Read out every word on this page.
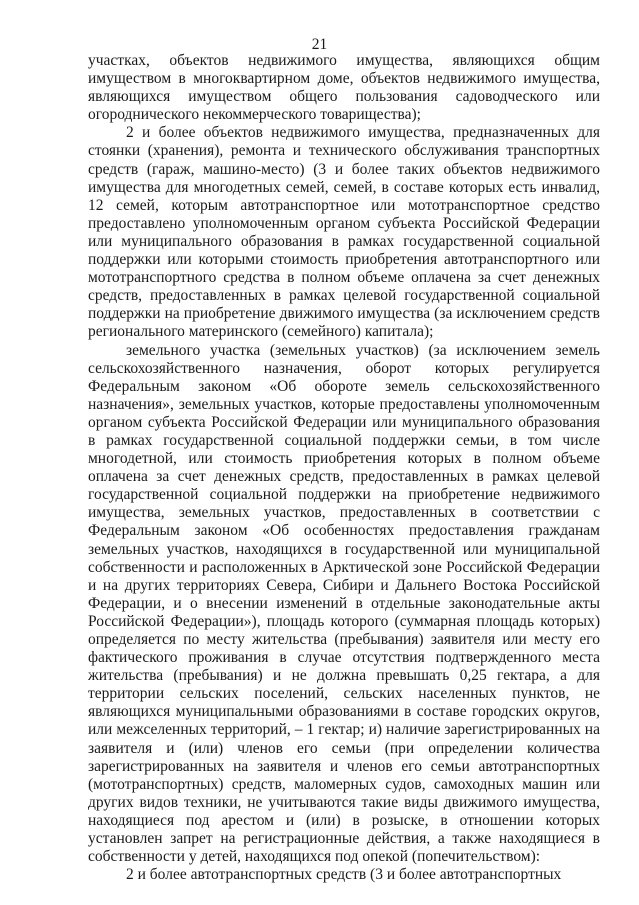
21

участках, объектов недвижимого имущества, являющихся общим имуществом в многоквартирном доме, объектов недвижимого имущества, являющихся имуществом общего пользования садоводческого или огороднического некоммерческого товарищества);

2 и более объектов недвижимого имущества, предназначенных для стоянки (хранения), ремонта и технического обслуживания транспортных средств (гараж, машино-место) (3 и более таких объектов недвижимого имущества для многодетных семей, семей, в составе которых есть инвалид, 12 семей, которым автотранспортное или мототранспортное средство предоставлено уполномоченным органом субъекта Российской Федерации или муниципального образования в рамках государственной социальной поддержки или которыми стоимость приобретения автотранспортного или мототранспортного средства в полном объеме оплачена за счет денежных средств, предоставленных в рамках целевой государственной социальной поддержки на приобретение движимого имущества (за исключением средств регионального материнского (семейного) капитала);

земельного участка (земельных участков) (за исключением земель сельскохозяйственного назначения, оборот которых регулируется Федеральным законом «Об обороте земель сельскохозяйственного назначения», земельных участков, которые предоставлены уполномоченным органом субъекта Российской Федерации или муниципального образования в рамках государственной социальной поддержки семьи, в том числе многодетной, или стоимость приобретения которых в полном объеме оплачена за счет денежных средств, предоставленных в рамках целевой государственной социальной поддержки на приобретение недвижимого имущества, земельных участков, предоставленных в соответствии с Федеральным законом «Об особенностях предоставления гражданам земельных участков, находящихся в государственной или муниципальной собственности и расположенных в Арктической зоне Российской Федерации и на других территориях Севера, Сибири и Дальнего Востока Российской Федерации, и о внесении изменений в отдельные законодательные акты Российской Федерации»), площадь которого (суммарная площадь которых) определяется по месту жительства (пребывания) заявителя или месту его фактического проживания в случае отсутствия подтвержденного места жительства (пребывания) и не должна превышать 0,25 гектара, а для территории сельских поселений, сельских населенных пунктов, не являющихся муниципальными образованиями в составе городских округов, или межселенных территорий, – 1 гектар; и) наличие зарегистрированных на заявителя и (или) членов его семьи (при определении количества зарегистрированных на заявителя и членов его семьи автотранспортных (мототранспортных) средств, маломерных судов, самоходных машин или других видов техники, не учитываются такие виды движимого имущества, находящиеся под арестом и (или) в розыске, в отношении которых установлен запрет на регистрационные действия, а также находящиеся в собственности у детей, находящихся под опекой (попечительством):

2 и более автотранспортных средств (3 и более автотранспортных
